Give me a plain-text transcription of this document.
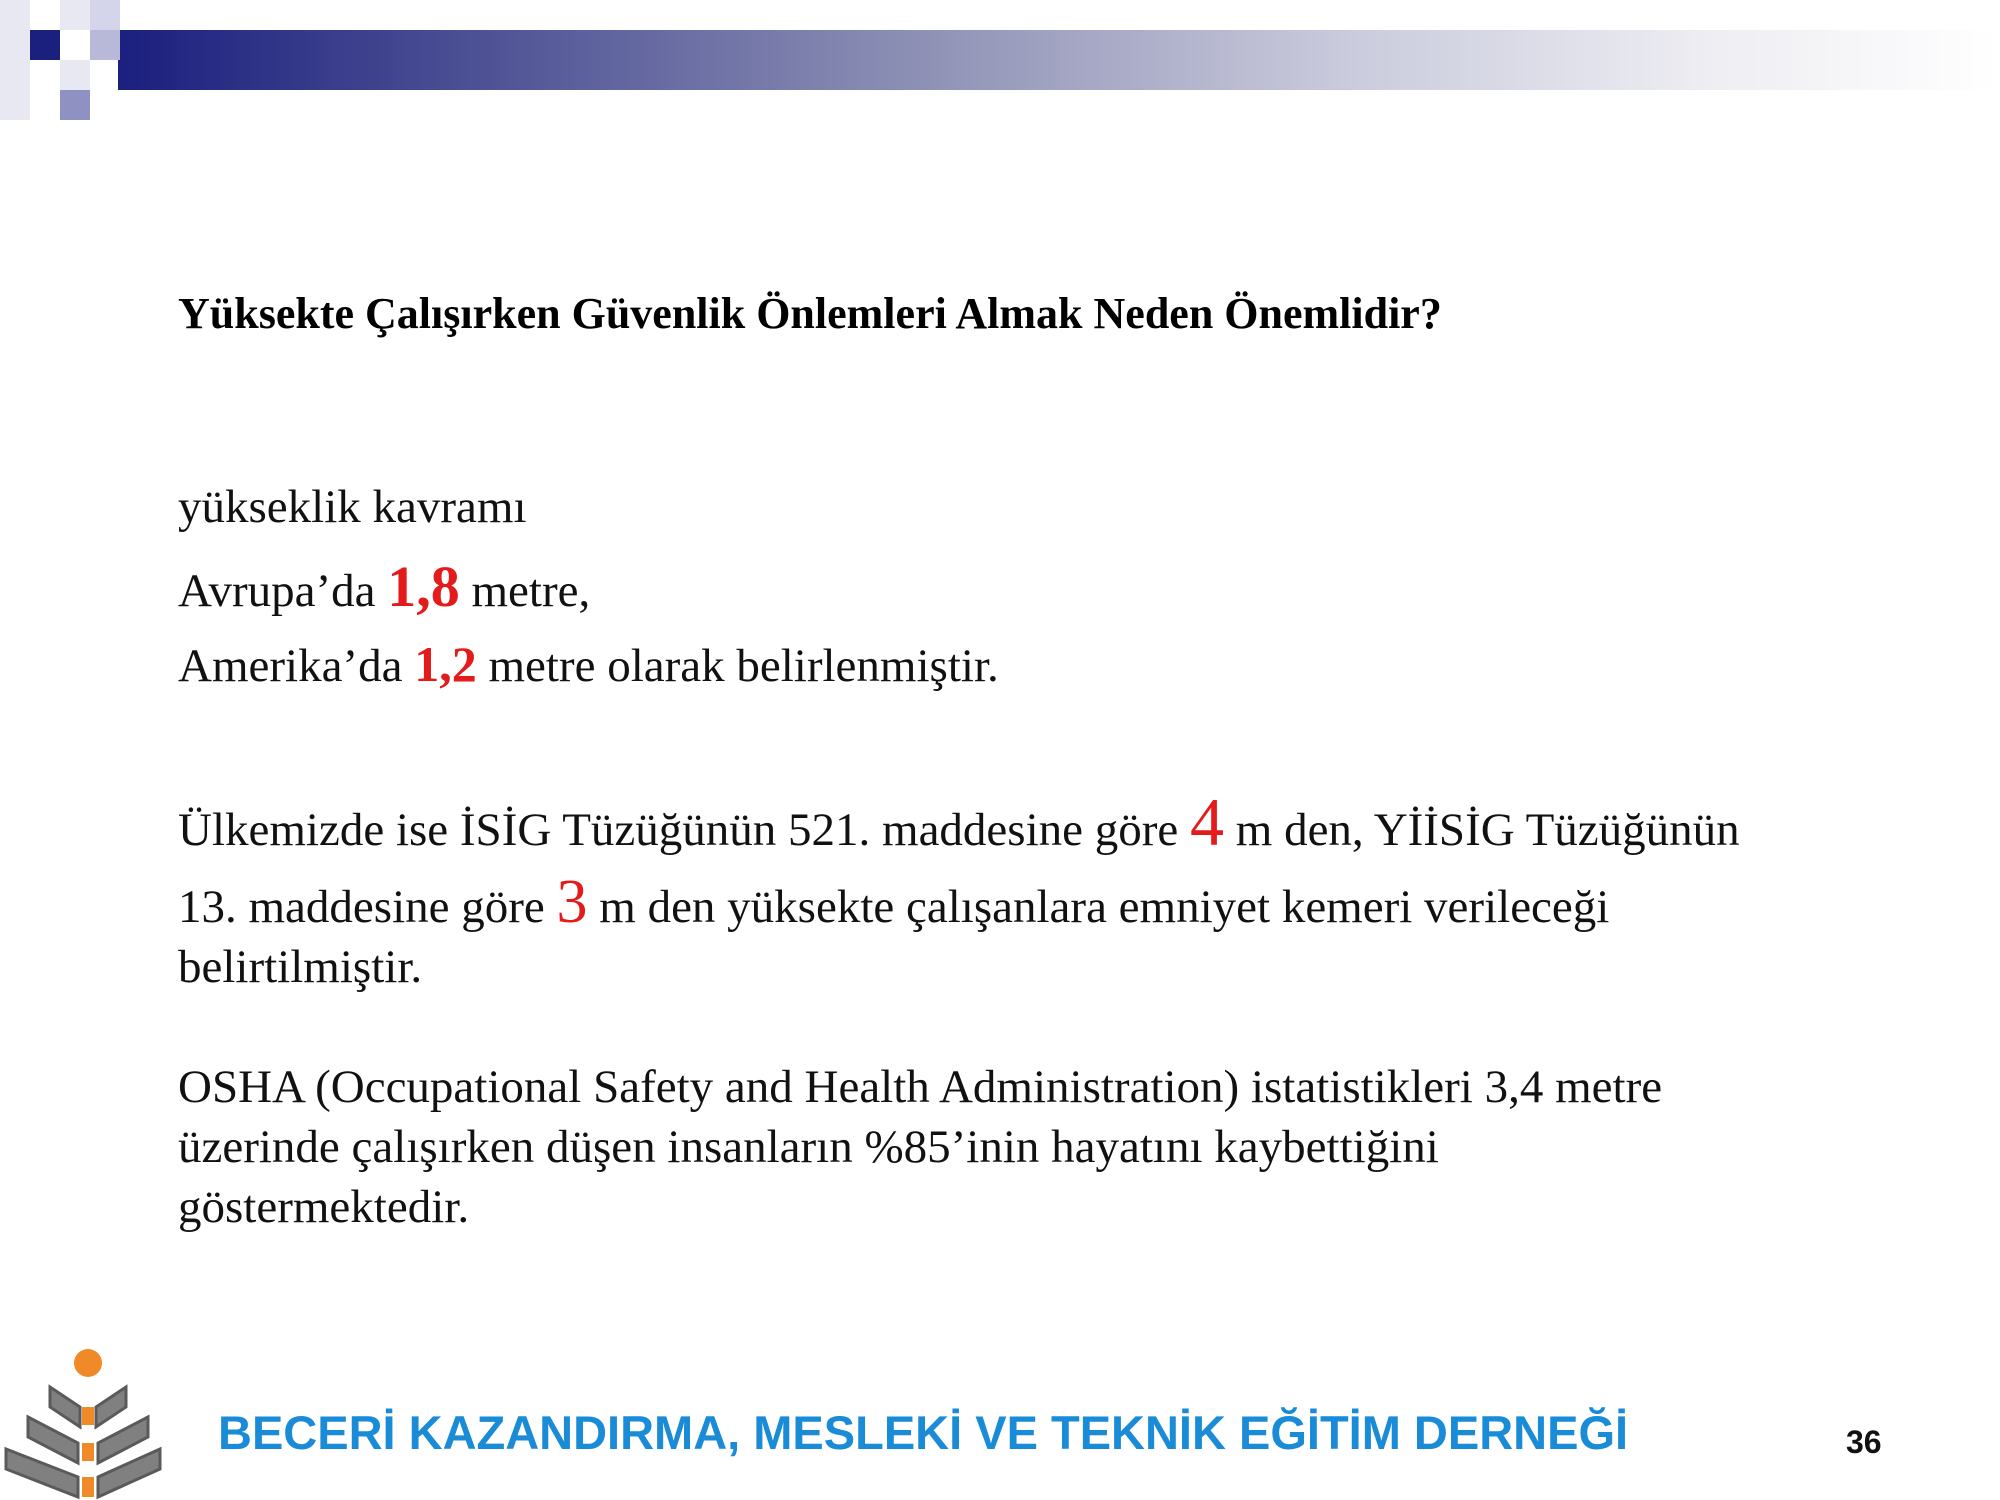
Yüksekte Çalışırken Güvenlik Önlemleri Almak Neden Önemlidir?
yükseklik kavramı
Avrupa’da 1,8 metre,
Amerika’da 1,2 metre olarak belirlenmiştir.
Ülkemizde ise İSİG Tüzüğünün 521. maddesine göre 4 m den, YİİSİG Tüzüğünün
13. maddesine göre 3 m den yüksekte çalışanlara emniyet kemeri verileceği
belirtilmiştir.
OSHA (Occupational Safety and Health Administration) istatistikleri 3,4 metre
üzerinde çalışırken düşen insanların %85’inin hayatını kaybettiğini
göstermektedir.
BECERİ KAZANDIRMA, MESLEKİ VE TEKNİK EĞİTİM DERNEĞİ	36
